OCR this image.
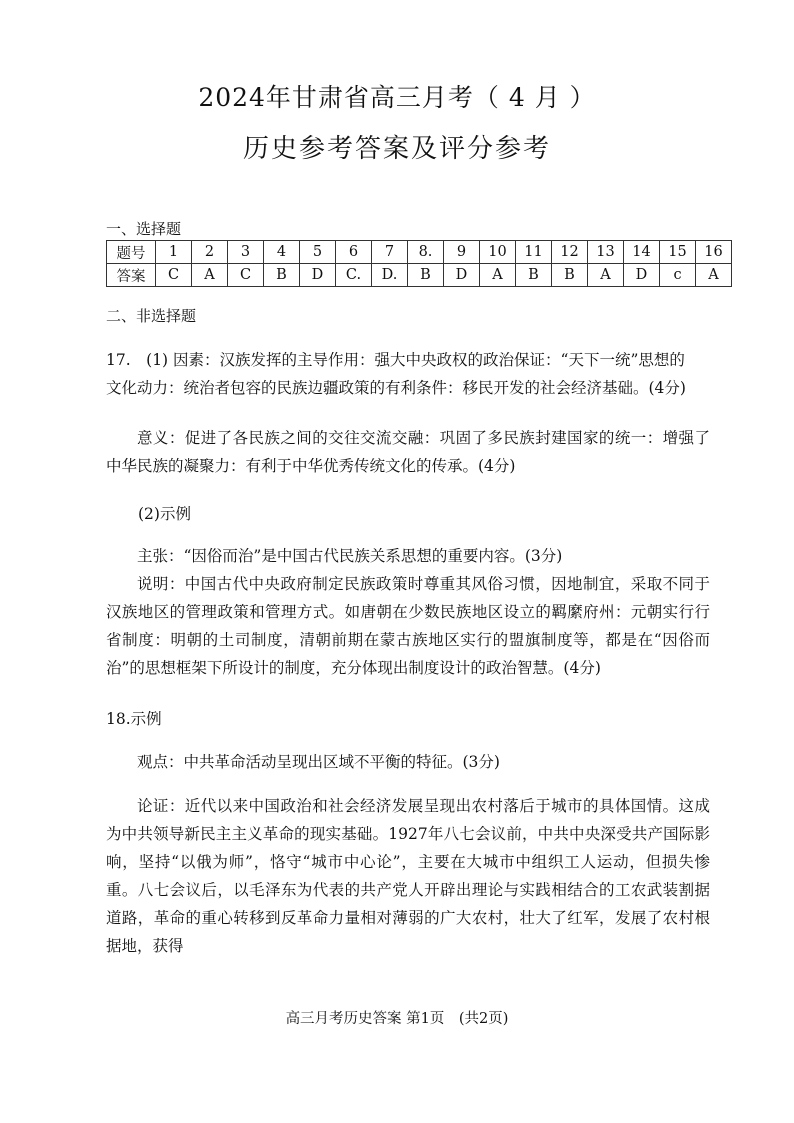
2024年甘肃省高三月考（ 4 月 ）
历史参考答案及评分参考
一、选择题
题号	1	2	3	4	5	6	7	8.	9	10	11	12	13	14	15	16
答案	C	A	C	B	D	C.	D.	B	D	A	B	B	A	D	c	A
二、非选择题

17.　(1) 因素：汉族发挥的主导作用：强大中央政权的政治保证：“天下一统”思想的

文化动力：统治者包容的民族边疆政策的有利条件：移民开发的社会经济基础。(4分)

意义：促进了各民族之间的交往交流交融：巩固了多民族封建国家的统一：增强了中华民族的凝聚力：有利于中华优秀传统文化的传承。(4分)

(2)示例

主张：“因俗而治”是中国古代民族关系思想的重要内容。(3分)

说明：中国古代中央政府制定民族政策时尊重其风俗习惯，因地制宜，采取不同于汉族地区的管理政策和管理方式。如唐朝在少数民族地区设立的羁縻府州：元朝实行行省制度：明朝的土司制度，清朝前期在蒙古族地区实行的盟旗制度等，都是在“因俗而治”的思想框架下所设计的制度，充分体现出制度设计的政治智慧。(4分)

18.示例

观点：中共革命活动呈现出区域不平衡的特征。(3分)

论证：近代以来中国政治和社会经济发展呈现出农村落后于城市的具体国情。这成为中共领导新民主主义革命的现实基础。1927年八七会议前，中共中央深受共产国际影响，坚持“以俄为师”，恪守“城市中心论”，主要在大城市中组织工人运动，但损失惨重。八七会议后，以毛泽东为代表的共产党人开辟出理论与实践相结合的工农武装割据道路，革命的重心转移到反革命力量相对薄弱的广大农村，壮大了红军，发展了农村根据地，获得

高三月考历史答案 第1页　(共2页)
